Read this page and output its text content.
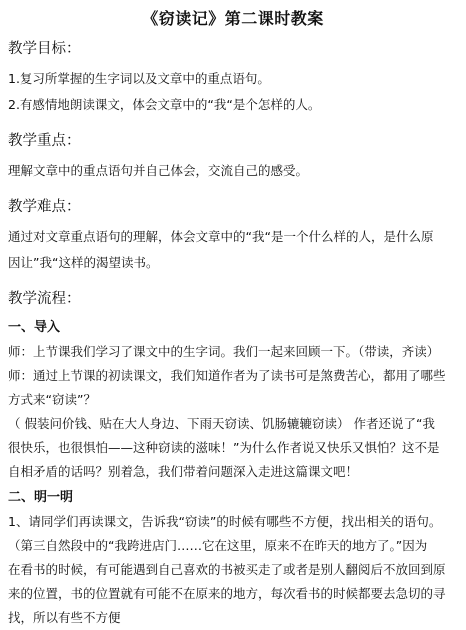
《窃读记》第二课时教案
教学目标：

1.复习所掌握的生字词以及文章中的重点语句。

2.有感情地朗读课文，体会文章中的“我“是个怎样的人。

教学重点：

理解文章中的重点语句并自己体会，交流自己的感受。

教学难点：

通过对文章重点语句的理解，体会文章中的“我“是一个什么样的人，是什么原

因让”我“这样的渴望读书。

教学流程：
一、导入

师：上节课我们学习了课文中的生字词。我们一起来回顾一下。（带读，齐读）

师：通过上节课的初读课文，我们知道作者为了读书可是煞费苦心，都用了哪些

方式来“窃读”？

（ 假装问价钱、贴在大人身边、下雨天窃读、饥肠辘辘窃读） 作者还说了“我

很快乐，也很惧怕——这种窃读的滋味！”为什么作者说又快乐又惧怕？这不是

自相矛盾的话吗？别着急，我们带着问题深入走进这篇课文吧！

二、明一明

1、请同学们再读课文，告诉我“窃读”的时候有哪些不方便，找出相关的语句。

（第三自然段中的“我跨进店门……它在这里，原来不在昨天的地方了。”因为

在看书的时候，有可能遇到自己喜欢的书被买走了或者是别人翻阅后不放回到原

来的位置，书的位置就有可能不在原来的地方，每次看书的时候都要去急切的寻

找，所以有些不方便
